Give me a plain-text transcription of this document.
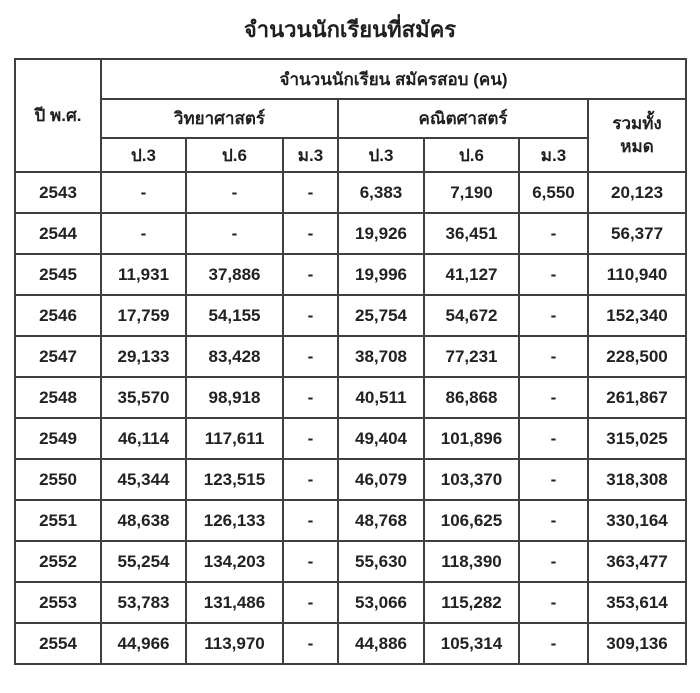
จำนวนนักเรียนที่สมัคร
ปี พ.ศ.	จำนวนนักเรียน สมัครสอบ (คน)						
	วิทยาศาสตร์			คณิตศาสตร์			รวมทั้ง
หมด

	ป.3	ป.6	ม.3	ป.3	ป.6	ม.3	
2543	-	-	-	6,383	7,190	6,550	20,123
2544	-	-	-	19,926	36,451	-	56,377
2545	11,931	37,886	-	19,996	41,127	-	110,940
2546	17,759	54,155	-	25,754	54,672	-	152,340
2547	29,133	83,428	-	38,708	77,231	-	228,500
2548	35,570	98,918	-	40,511	86,868	-	261,867
2549	46,114	117,611	-	49,404	101,896	-	315,025
2550	45,344	123,515	-	46,079	103,370	-	318,308
2551	48,638	126,133	-	48,768	106,625	-	330,164
2552	55,254	134,203	-	55,630	118,390	-	363,477
2553	53,783	131,486	-	53,066	115,282	-	353,614
2554	44,966	113,970	-	44,886	105,314	-	309,136
